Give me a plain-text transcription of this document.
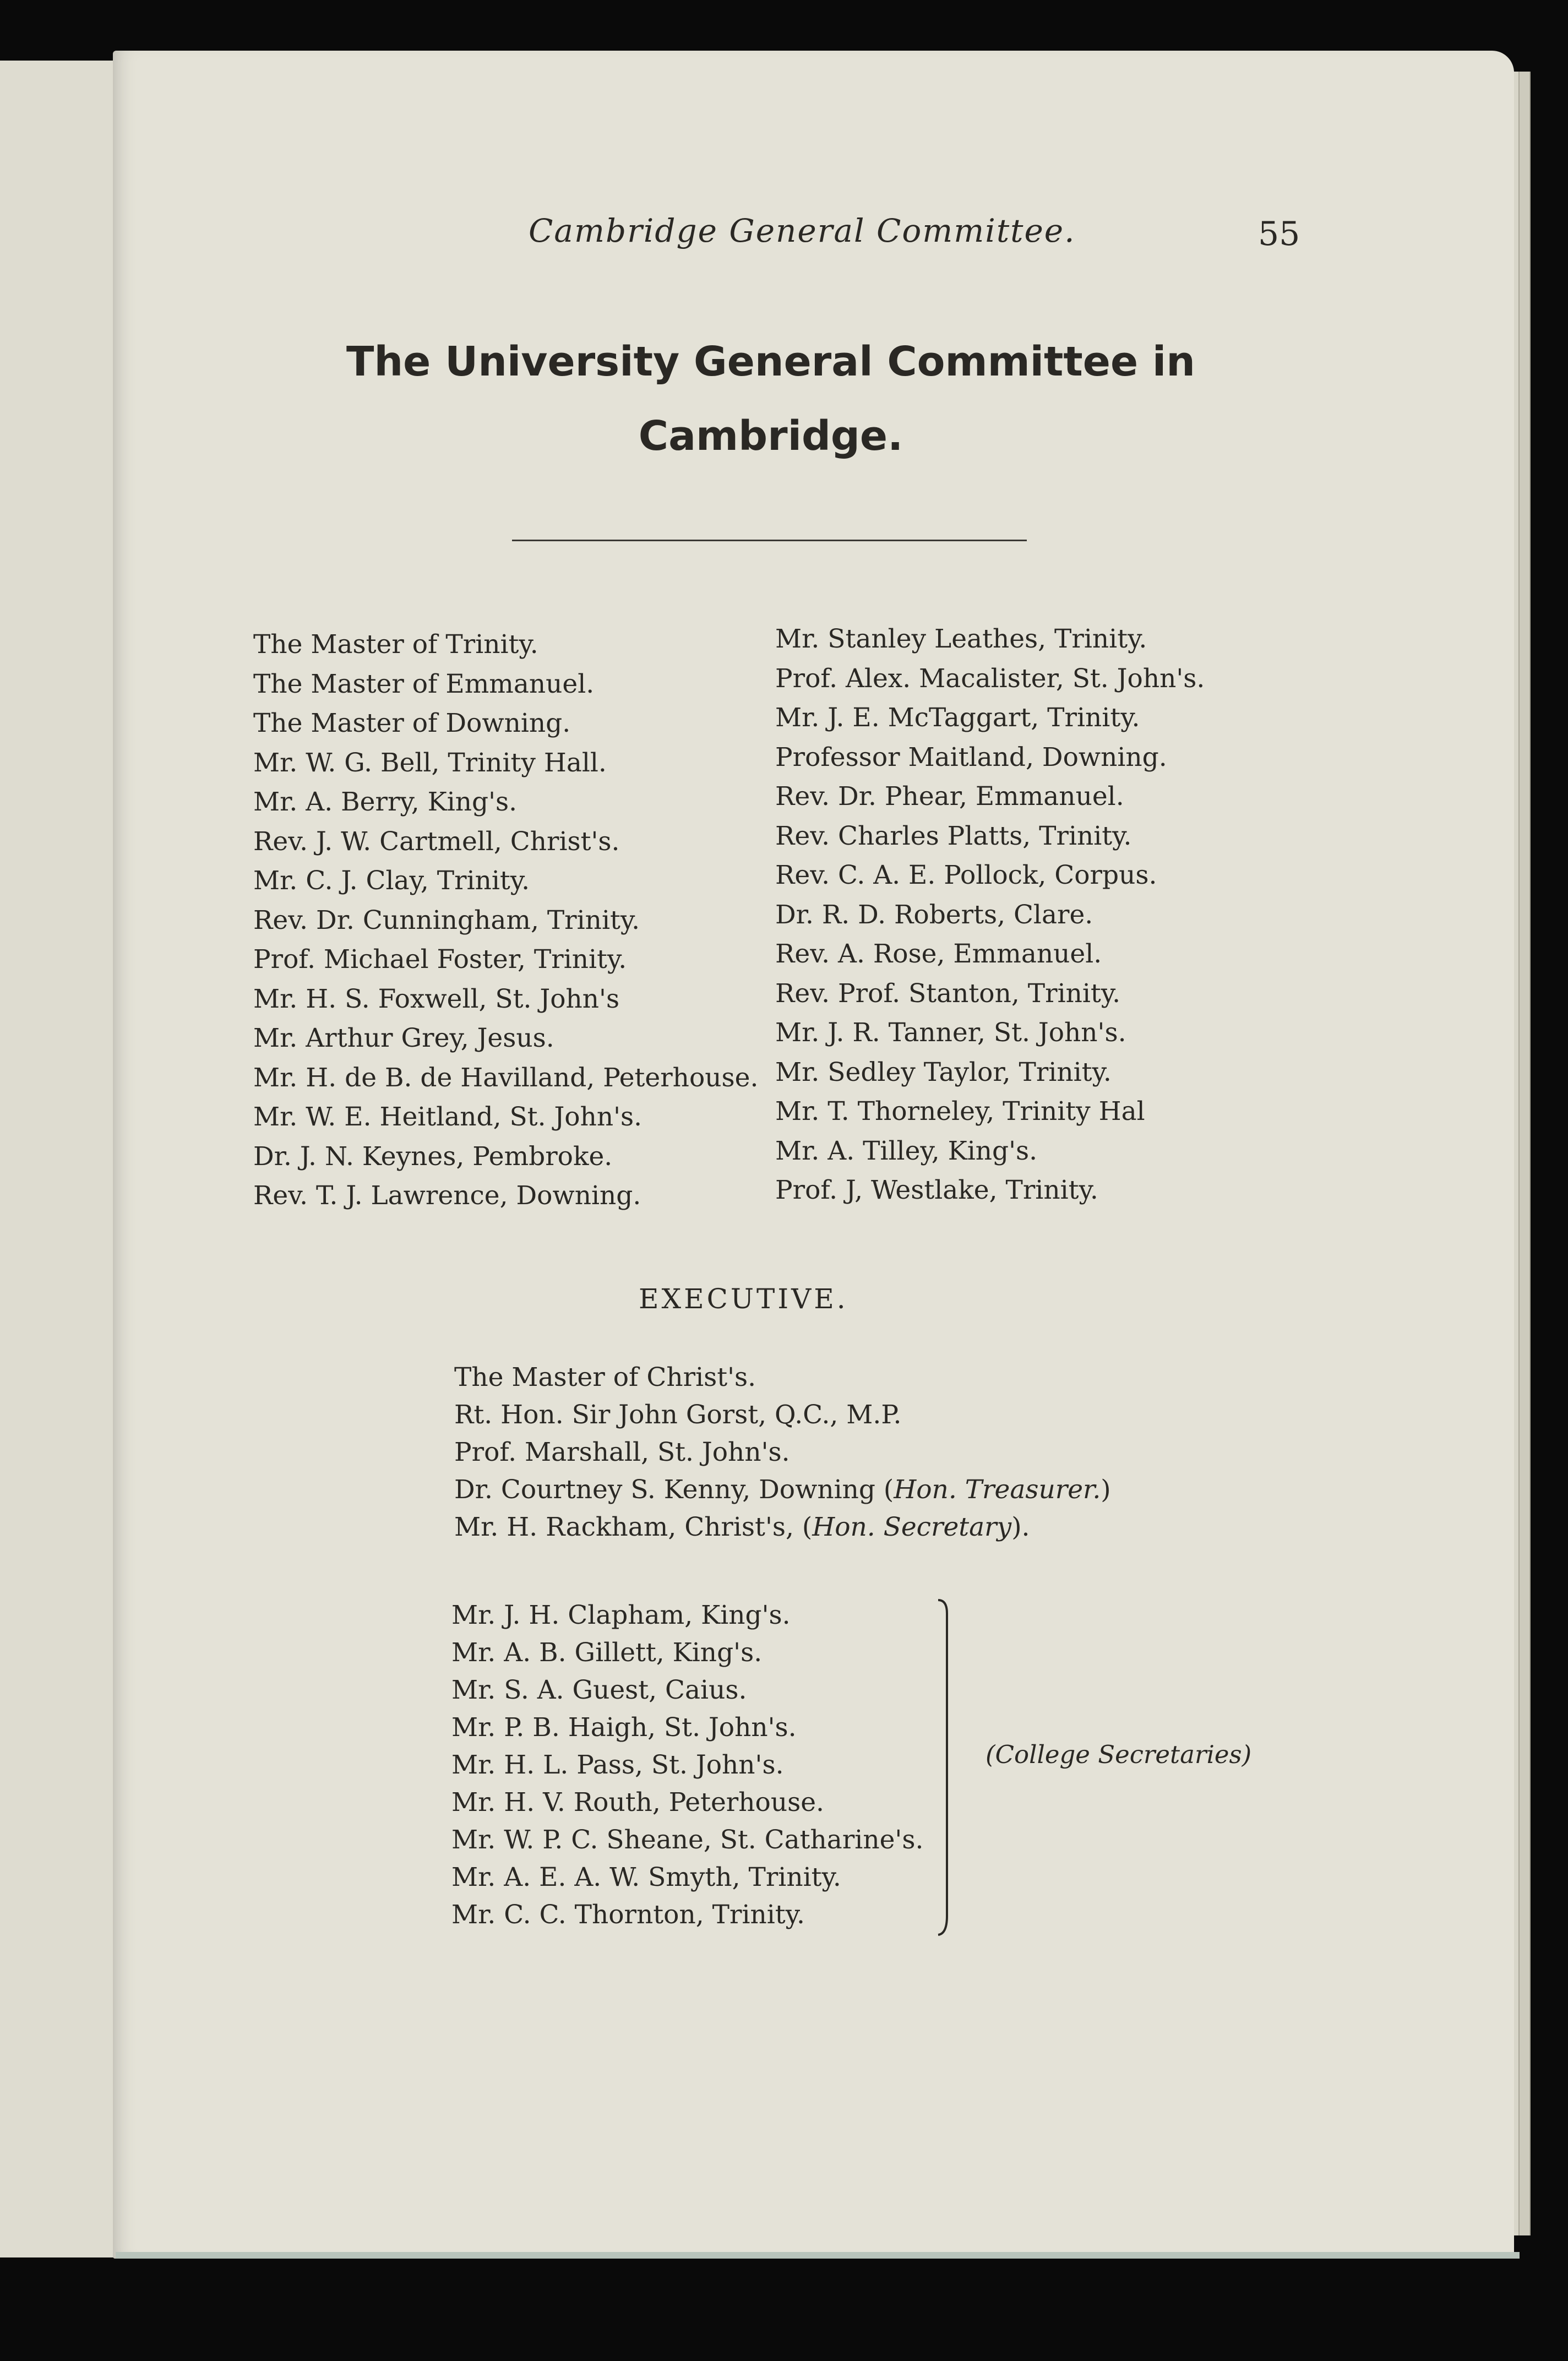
Cambridge General Committee.	55
The University General Committee in
Cambridge.
The Master of Trinity.
The Master of Emmanuel.
The Master of Downing.
Mr. W. G. Bell, Trinity Hall.
Mr. A. Berry, King's.
Rev. J. W. Cartmell, Christ's.
Mr. C. J. Clay, Trinity.
Rev. Dr. Cunningham, Trinity.
Prof. Michael Foster, Trinity.
Mr. H. S. Foxwell, St. John's
Mr. Arthur Grey, Jesus.
Mr. H. de B. de Havilland, Peterhouse.
Mr. W. E. Heitland, St. John's.
Dr. J. N. Keynes, Pembroke.
Rev. T. J. Lawrence, Downing.
Mr. Stanley Leathes, Trinity.
Prof. Alex. Macalister, St. John's.
Mr. J. E. McTaggart, Trinity.
Professor Maitland, Downing.
Rev. Dr. Phear, Emmanuel.
Rev. Charles Platts, Trinity.
Rev. C. A. E. Pollock, Corpus.
Dr. R. D. Roberts, Clare.
Rev. A. Rose, Emmanuel.
Rev. Prof. Stanton, Trinity.
Mr. J. R. Tanner, St. John's.
Mr. Sedley Taylor, Trinity.
Mr. T. Thorneley, Trinity Hal
Mr. A. Tilley, King's.
Prof. J, Westlake, Trinity.
EXECUTIVE.
The Master of Christ's.
Rt. Hon. Sir John Gorst, Q.C., M.P.
Prof. Marshall, St. John's.
Dr. Courtney S. Kenny, Downing (Hon. Treasurer.)
Mr. H. Rackham, Christ's, (Hon. Secretary).
Mr. J. H. Clapham, King's.
Mr. A. B. Gillett, King's.
Mr. S. A. Guest, Caius.
Mr. P. B. Haigh, St. John's.
Mr. H. L. Pass, St. John's.
Mr. H. V. Routh, Peterhouse.
Mr. W. P. C. Sheane, St. Catharine's.
Mr. A. E. A. W. Smyth, Trinity.
Mr. C. C. Thornton, Trinity.
(College Secretaries)
